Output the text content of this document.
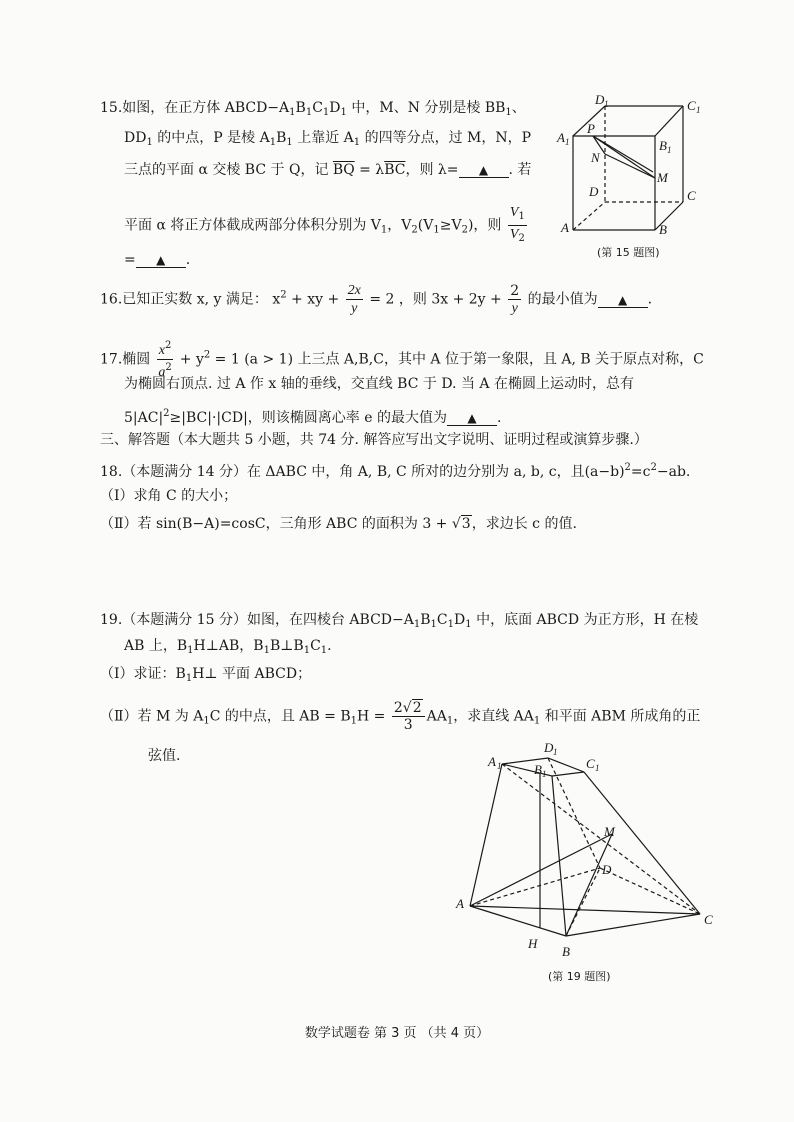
15.如图，在正方体 $ABCD-A_1B_1C_1D_1$ 中，M、N 分别是棱 $BB_1$、
$DD_1$ 的中点，P 是棱 $A_1B_1$ 上靠近 $A_1$ 的四等分点，过 M，N，P
三点的平面 α 交棱 BC 于 Q，记 $\overline{BQ} = \lambda\overline{BC}$，则 λ= ▲ . 若
平面 α 将正方体截成两部分体积分别为 $V_1$，$V_2(V_1\ge V_2)$，则 $\frac{V_1}{V_2}$
= ▲ .
D 1	C 1
A 1
P
B 1
N
M
D	C
A	B
(第 15 题图)
16.已知正实数 x, y 满足： $x^2$ + xy + $\frac{2x}{y} = 2$ ，则 $3x + 2y + \frac{2}{y}$ 的最小值为 ▲ .
17.椭圆 $\frac{x^2}{a^2} + y^2 = 1$ (a > 1) 上三点 A,B,C，其中 A 位于第一象限，且 A, B 关于原点对称，C
为椭圆右顶点. 过 A 作 x 轴的垂线，交直线 BC 于 D. 当 A 在椭圆上运动时，总有
$5|AC|^2\ge|BC|\cdot|CD|$，则该椭圆离心率 e 的最大值为 ▲ .
三、解答题（本大题共 5 小题，共 74 分. 解答应写出文字说明、证明过程或演算步骤.）
18.（本题满分 14 分）在 ΔABC 中，角 A, B, C 所对的边分别为 a, b, c，且$(a-b)^2=c^2-ab$.
（Ⅰ）求角 C 的大小；
（Ⅱ）若 sin(B−A)=cosC，三角形 ABC 的面积为 3 + √3，求边长 c 的值.
19.（本题满分 15 分）如图，在四棱台 $ABCD-A_1B_1C_1D_1$ 中，底面 ABCD 为正方形，H 在棱
AB 上，$B_1H\perp AB$，$B_1B\perp B_1C_1$.
（Ⅰ）求证：$B_1H\perp$ 平面 ABCD；
（Ⅱ）若 M 为 $A_1C$ 的中点，且 AB = $B_1H = \frac{2√2}{3} AA_1$，求直线 $AA_1$ 和平面 ABM 所成角的正
弦值.	A 1
D 1
B 1
C 1
M
D
A
C
H
B
(第 19 题图)
数学试题卷 第 3 页 （共 4 页）
